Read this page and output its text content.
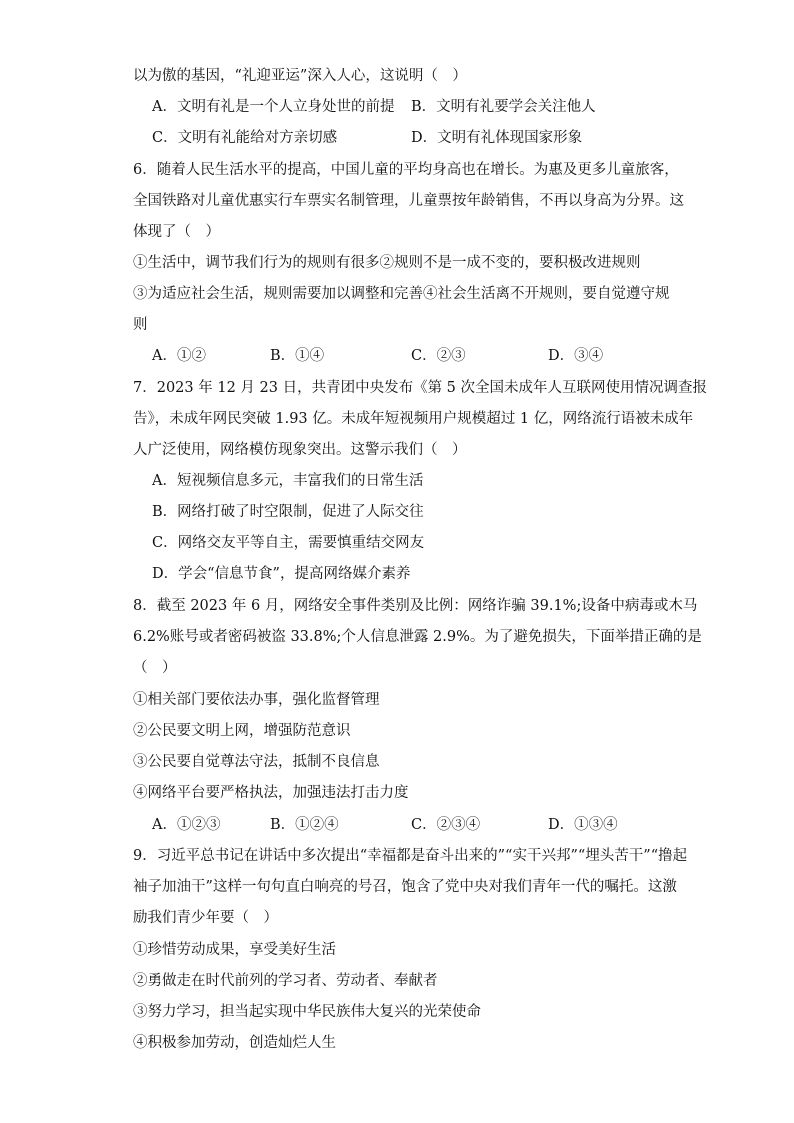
以为傲的基因，“礼迎亚运”深入人心，这说明（　）
A．文明有礼是一个人立身处世的前提 B．文明有礼要学会关注他人
C．文明有礼能给对方亲切感	D．文明有礼体现国家形象
6．随着人民生活水平的提高，中国儿童的平均身高也在增长。为惠及更多儿童旅客，
全国铁路对儿童优惠实行车票实名制管理，儿童票按年龄销售，不再以身高为分界。这
体现了（　）
①生活中，调节我们行为的规则有很多②规则不是一成不变的，要积极改进规则
③为适应社会生活，规则需要加以调整和完善④社会生活离不开规则，要自觉遵守规
则
A．①②	B．①④	C．②③	D．③④
7．2023 年 12 月 23 日，共青团中央发布《第 5 次全国未成年人互联网使用情况调查报
告》，未成年网民突破 1.93 亿。未成年短视频用户规模超过 1 亿，网络流行语被未成年
人广泛使用，网络模仿现象突出。这警示我们（　）
A．短视频信息多元，丰富我们的日常生活
B．网络打破了时空限制，促进了人际交往
C．网络交友平等自主，需要慎重结交网友
D．学会“信息节食”，提高网络媒介素养
8．截至 2023 年 6 月，网络安全事件类别及比例：网络诈骗 39.1%;设备中病毒或木马
6.2%账号或者密码被盗 33.8%;个人信息泄露 2.9%。为了避免损失，下面举措正确的是
（　）
①相关部门要依法办事，强化监督管理
②公民要文明上网，增强防范意识
③公民要自觉尊法守法，抵制不良信息
④网络平台要严格执法，加强违法打击力度
A．①②③	B．①②④	C．②③④	D．①③④
9．习近平总书记在讲话中多次提出“幸福都是奋斗出来的”“实干兴邦”“埋头苦干”“撸起
袖子加油干”这样一句句直白响亮的号召，饱含了党中央对我们青年一代的嘱托。这激
励我们青少年要（　）
①珍惜劳动成果，享受美好生活
②勇做走在时代前列的学习者、劳动者、奉献者
③努力学习，担当起实现中华民族伟大复兴的光荣使命
④积极参加劳动，创造灿烂人生
